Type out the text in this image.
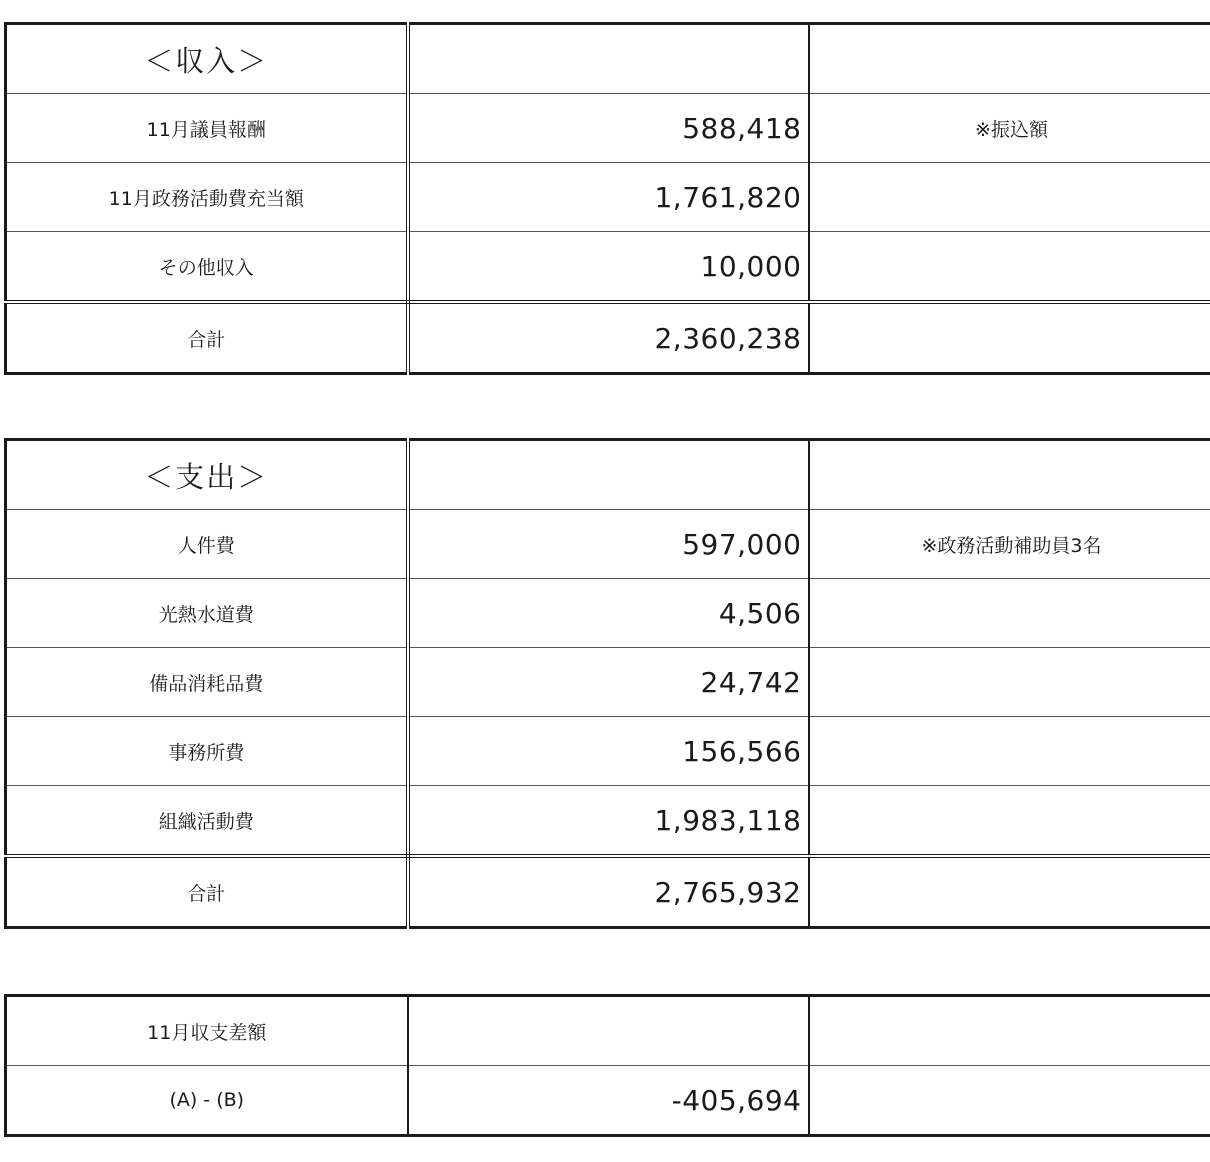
＜収入＞		
11月議員報酬	588,418	※振込額
11月政務活動費充当額	1,761,820	
その他収入	10,000	
合計	2,360,238	
＜支出＞		
人件費	597,000	※政務活動補助員3名
光熱水道費	4,506	
備品消耗品費	24,742	
事務所費	156,566	
組織活動費	1,983,118	
合計	2,765,932	
11月収支差額		
(A) - (B)	-405,694	
